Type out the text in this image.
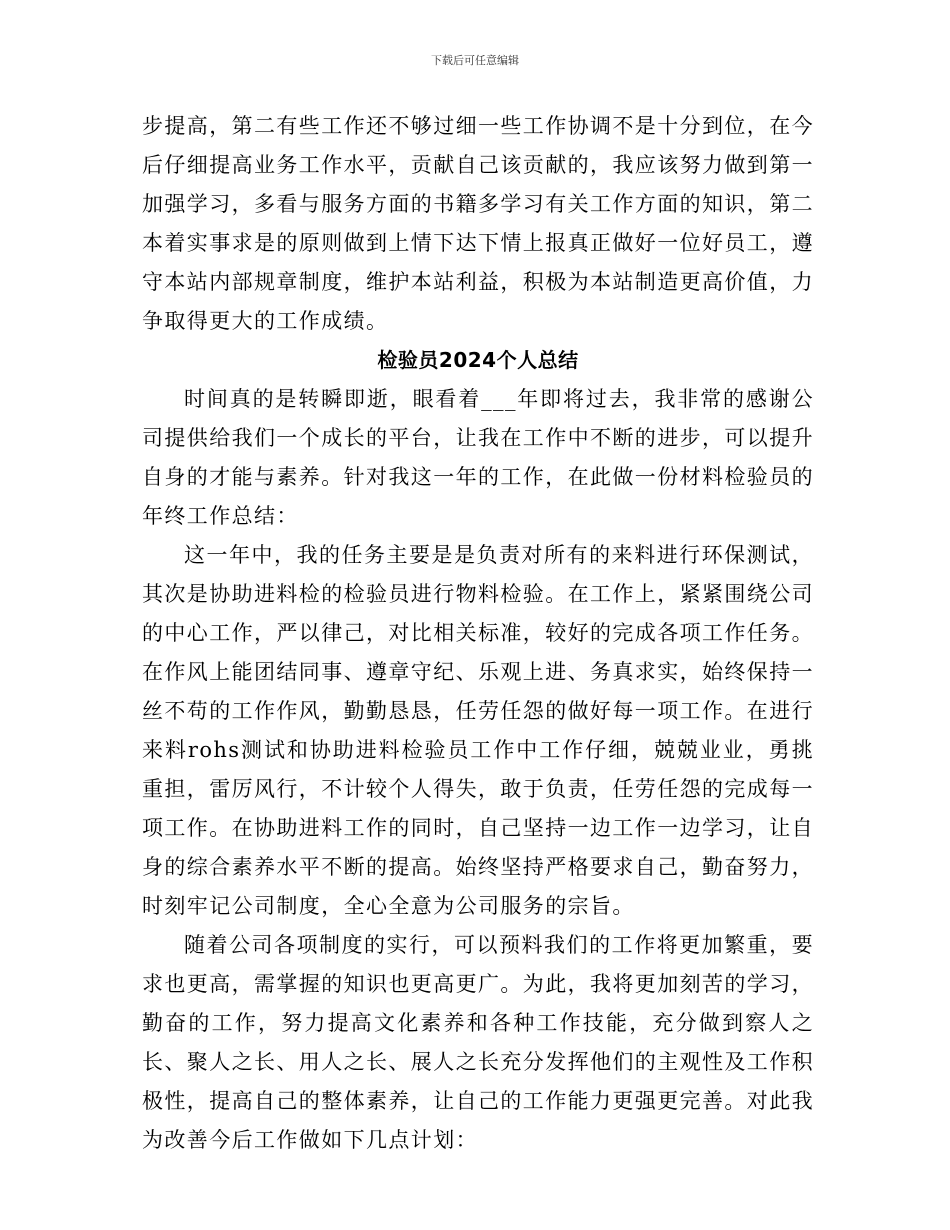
下载后可任意编辑

步提高，第二有些工作还不够过细一些工作协调不是十分到位，在今后仔细提高业务工作水平，贡献自己该贡献的，我应该努力做到第一加强学习，多看与服务方面的书籍多学习有关工作方面的知识，第二本着实事求是的原则做到上情下达下情上报真正做好一位好员工，遵守本站内部规章制度，维护本站利益，积极为本站制造更高价值，力争取得更大的工作成绩。

检验员2024个人总结

时间真的是转瞬即逝，眼看着___年即将过去，我非常的感谢公司提供给我们一个成长的平台，让我在工作中不断的进步，可以提升自身的才能与素养。针对我这一年的工作，在此做一份材料检验员的年终工作总结：

这一年中，我的任务主要是是负责对所有的来料进行环保测试，其次是协助进料检的检验员进行物料检验。在工作上，紧紧围绕公司的中心工作，严以律己，对比相关标准，较好的完成各项工作任务。在作风上能团结同事、遵章守纪、乐观上进、务真求实，始终保持一丝不苟的工作作风，勤勤恳恳，任劳任怨的做好每一项工作。在进行来料rohs测试和协助进料检验员工作中工作仔细，兢兢业业，勇挑重担，雷厉风行，不计较个人得失，敢于负责，任劳任怨的完成每一项工作。在协助进料工作的同时，自己坚持一边工作一边学习，让自身的综合素养水平不断的提高。始终坚持严格要求自己，勤奋努力，时刻牢记公司制度，全心全意为公司服务的宗旨。

随着公司各项制度的实行，可以预料我们的工作将更加繁重，要求也更高，需掌握的知识也更高更广。为此，我将更加刻苦的学习，勤奋的工作，努力提高文化素养和各种工作技能，充分做到察人之长、聚人之长、用人之长、展人之长充分发挥他们的主观性及工作积极性，提高自己的整体素养，让自己的工作能力更强更完善。对此我为改善今后工作做如下几点计划：
